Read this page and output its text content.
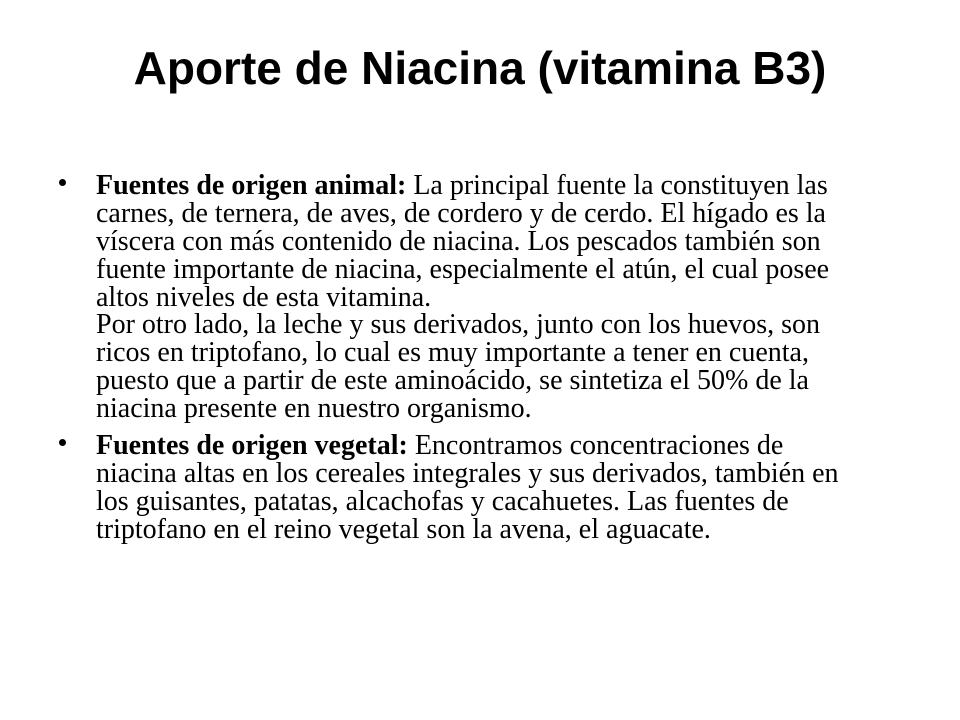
Aporte de Niacina (vitamina B3)
Fuentes de origen animal: La principal fuente la constituyen las
carnes, de ternera, de aves, de cordero y de cerdo. El hígado es la
víscera con más contenido de niacina. Los pescados también son
fuente importante de niacina, especialmente el atún, el cual posee
altos niveles de esta vitamina.
Por otro lado, la leche y sus derivados, junto con los huevos, son
ricos en triptofano, lo cual es muy importante a tener en cuenta,
puesto que a partir de este aminoácido, se sintetiza el 50% de la
niacina presente en nuestro organismo.
Fuentes de origen vegetal: Encontramos concentraciones de
niacina altas en los cereales integrales y sus derivados, también en
los guisantes, patatas, alcachofas y cacahuetes. Las fuentes de
triptofano en el reino vegetal son la avena, el aguacate.
